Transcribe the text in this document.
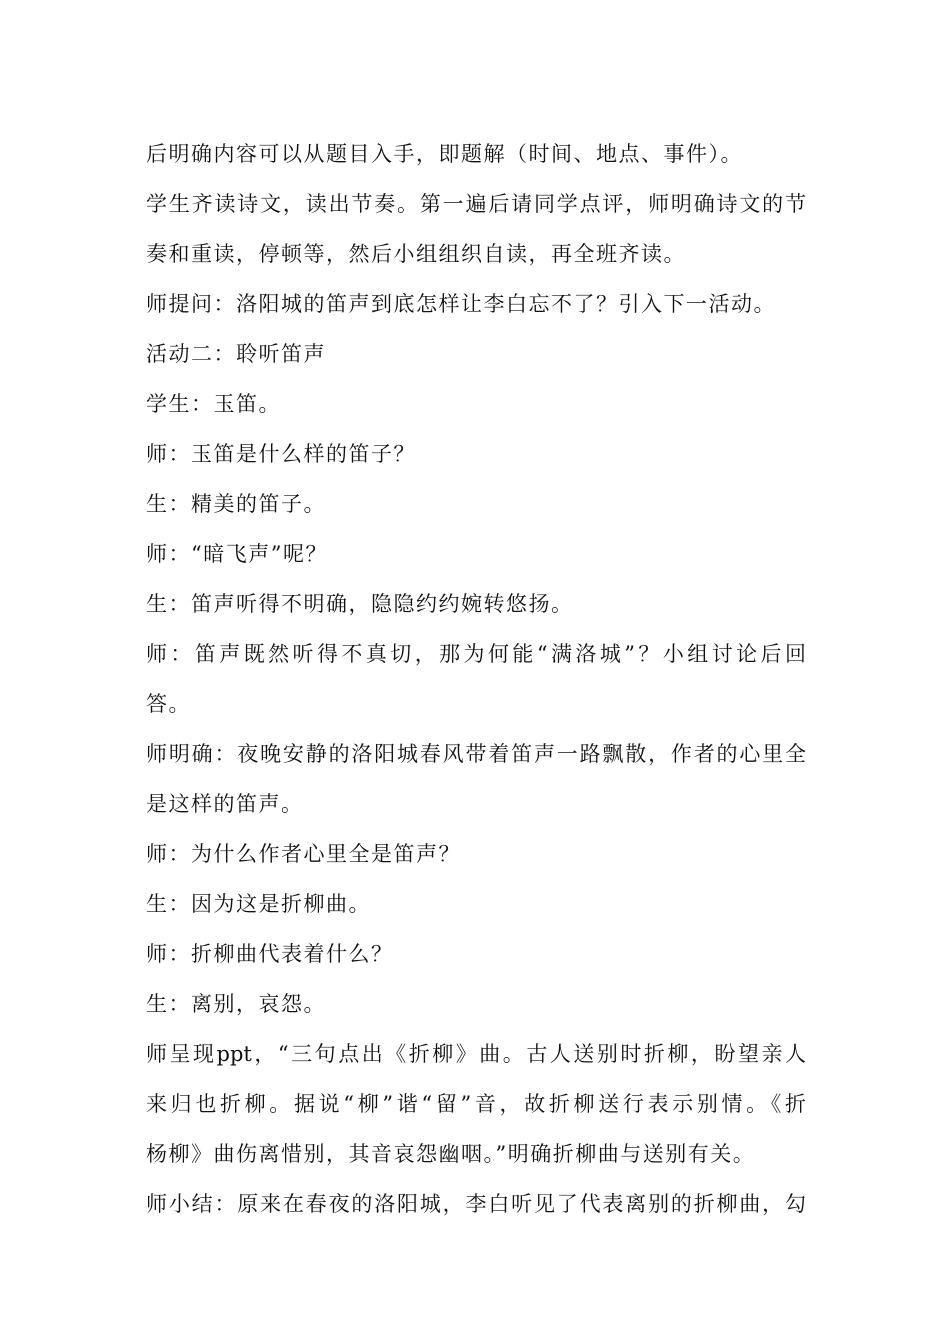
后明确内容可以从题目入手，即题解（时间、地点、事件）。
学生齐读诗文，读出节奏。第一遍后请同学点评，师明确诗文的节
奏和重读，停顿等，然后小组组织自读，再全班齐读。
师提问：洛阳城的笛声到底怎样让李白忘不了？引入下一活动。
活动二：聆听笛声
学生：玉笛。
师：玉笛是什么样的笛子？
生：精美的笛子。
师：“暗飞声”呢？
生：笛声听得不明确，隐隐约约婉转悠扬。
师：笛声既然听得不真切，那为何能“满洛城”？小组讨论后回
答。
师明确：夜晚安静的洛阳城春风带着笛声一路飘散，作者的心里全
是这样的笛声。
师：为什么作者心里全是笛声？
生：因为这是折柳曲。
师：折柳曲代表着什么？
生：离别，哀怨。
师呈现ppt，“三句点出《折柳》曲。古人送别时折柳，盼望亲人
来归也折柳。据说“柳”谐“留”音，故折柳送行表示别情。《折
杨柳》曲伤离惜别，其音哀怨幽咽。”明确折柳曲与送别有关。
师小结：原来在春夜的洛阳城，李白听见了代表离别的折柳曲，勾
